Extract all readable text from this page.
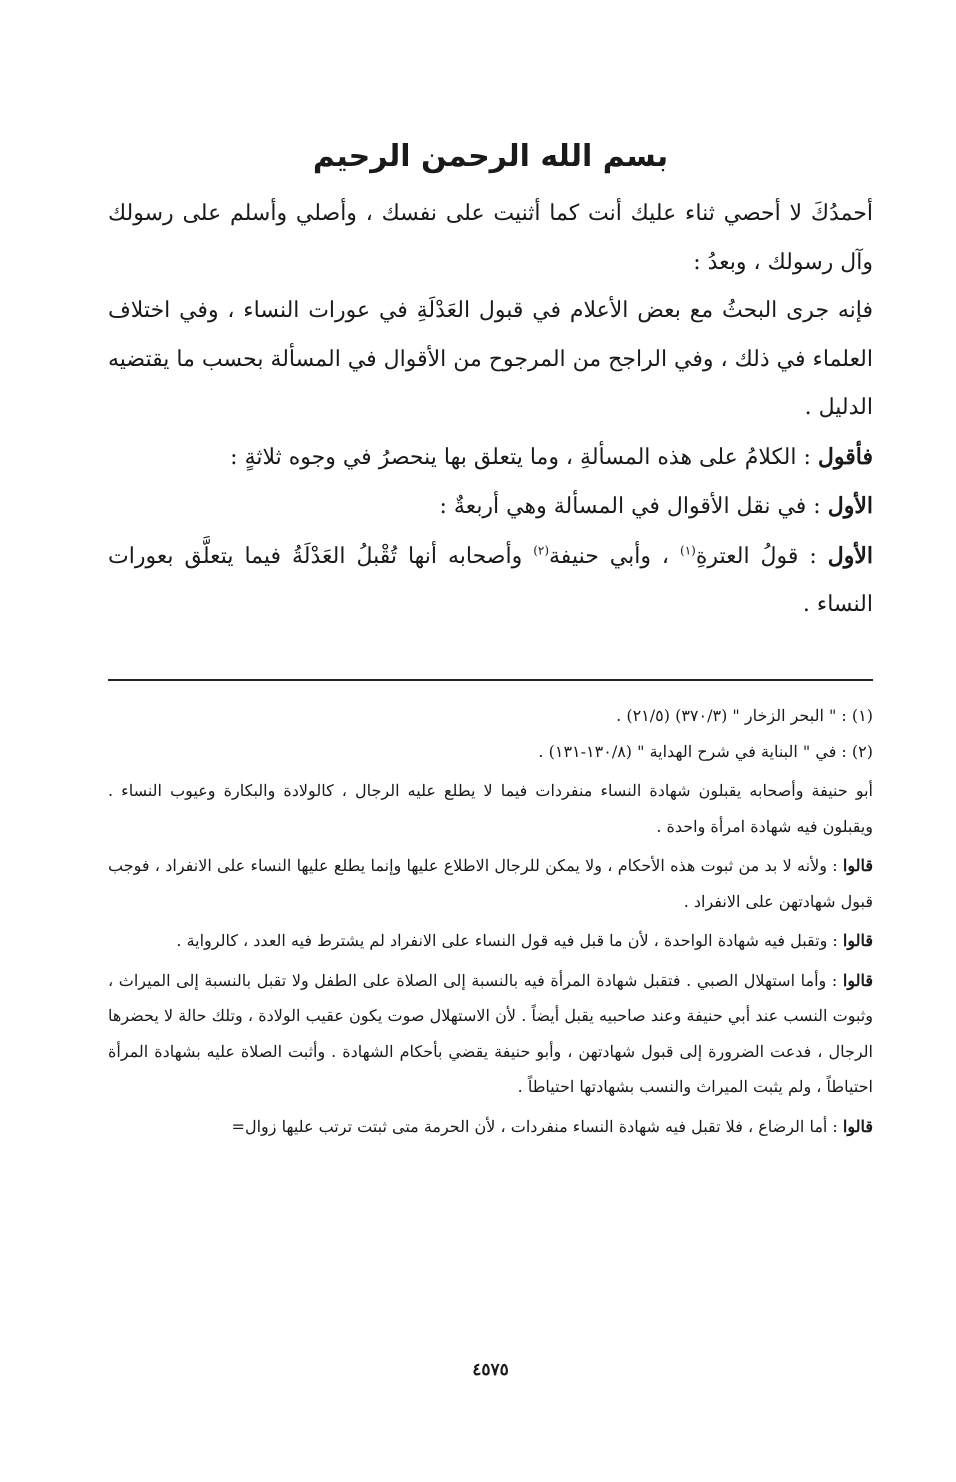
بسم الله الرحمن الرحيم

أحمدُكَ لا أحصي ثناء عليك أنت كما أثنيت على نفسك ، وأصلي وأسلم على رسولك وآل رسولك ، وبعدُ :

فإنه جرى البحثُ مع بعض الأعلام في قبول العَدْلَةِ في عورات النساء ، وفي اختلاف العلماء في ذلك ، وفي الراجح من المرجوح من الأقوال في المسألة بحسب ما يقتضيه الدليل .

فأقول : الكلامُ على هذه المسألةِ ، وما يتعلق بها ينحصرُ في وجوه ثلاثةٍ :

الأول : في نقل الأقوال في المسألة وهي أربعةٌ :

الأول : قولُ العترةِ$^{(١)}$ ، وأبي حنيفة$^{(٢)}$ وأصحابه أنها تُقْبلُ العَدْلَةُ فيما يتعلَّق بعورات النساء .

(١) : " البحر الزخار " (٣٧٠/٣) (٢١/٥) .

(٢) : في " البناية في شرح الهداية " (١٣٠/٨-١٣١) .

أبو حنيفة وأصحابه يقبلون شهادة النساء منفردات فيما لا يطلع عليه الرجال ، كالولادة والبكارة وعيوب النساء . ويقبلون فيه شهادة امرأة واحدة .

قالوا : ولأنه لا بد من ثبوت هذه الأحكام ، ولا يمكن للرجال الاطلاع عليها وإنما يطلع عليها النساء على الانفراد ، فوجب قبول شهادتهن على الانفراد .

قالوا : وتقبل فيه شهادة الواحدة ، لأن ما قبل فيه قول النساء على الانفراد لم يشترط فيه العدد ، كالرواية .

قالوا : وأما استهلال الصبي . فتقبل شهادة المرأة فيه بالنسبة إلى الصلاة على الطفل ولا تقبل بالنسبة إلى الميراث ، وثبوت النسب عند أبي حنيفة وعند صاحبيه يقبل أيضاً . لأن الاستهلال صوت يكون عقيب الولادة ، وتلك حالة لا يحضرها الرجال ، فدعت الضرورة إلى قبول شهادتهن ، وأبو حنيفة يقضي بأحكام الشهادة . وأثبت الصلاة عليه بشهادة المرأة احتياطاً ، ولم يثبت الميراث والنسب بشهادتها احتياطاً .

قالوا : أما الرضاع ، فلا تقبل فيه شهادة النساء منفردات ، لأن الحرمة متى ثبتت ترتب عليها زوال=

٤٥٧٥
